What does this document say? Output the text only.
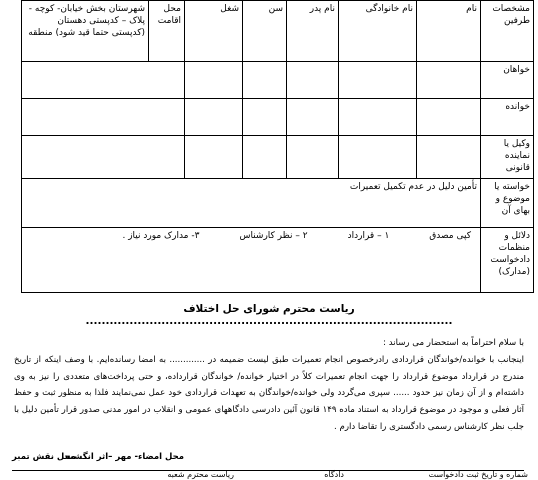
مشخصات طرفین	نام	نام خانوادگی	نام پدر	سن	شغل	محل اقامت	شهرستان بخش خیابان- کوچه - پلاک – کدپستی دهستان (کدپستی حتما قید شود) منطقه
خواهان							
خوانده							
وکیل یا نماینده قانونی							
خواسته یا موضوع و بهای آن	تأمین دلیل در عدم تکمیل تعمیرات						
دلائل و منظمات دادخواست (مدارک)	کپی مصدق
۱ – قرارداد
۲ – نظر کارشناس
۳- مدارک مورد نیاز .						
ریاست محترم شورای حل اختلاف ............................................................................................
با سلام احتراماً به استحضار می رساند :
اینجانب با خوانده/خواندگان قراردادی رادرخصوص انجام تعمیرات طبق لیست ضمیمه در ............. به امضا رسانده‌ایم. با وصف اینکه از تاریخ مندرج در قرارداد موضوع قرارداد را جهت انجام تعمیرات کلاً در اختیار خوانده/ خواندگان قرارداده، و حتی پرداخت‌های متعددی را نیز به وی داشته‌ام و از آن زمان نیز حدود ...... سپری می‌گردد ولی خوانده/خواندگان به تعهدات قراردادی خود عمل نمی‌نمایند فلذا به منظور ثبت و حفظ آثار فعلی و موجود در موضوع قرارداد به استناد ماده ۱۴۹ قانون آئین دادرسی دادگاههای عمومی و انقلاب در امور مدنی صدور قرار تأمین دلیل با جلب نظر کارشناس رسمی دادگستری را تقاضا دارم .
محل امضاء- مهر –اثر انگشت
محل نقش تمبر
شماره و تاریخ ثبت دادخواست
دادگاه
ریاست محترم شعبه
